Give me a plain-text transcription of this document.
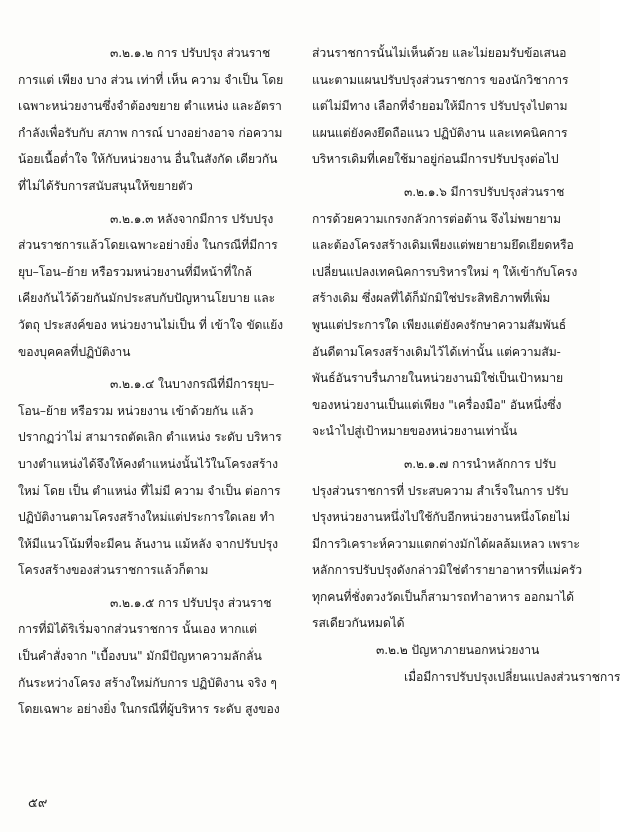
๓.๒.๑.๒ การ ปรับปรุง ส่วนราช
การแต่ เพียง บาง ส่วน เท่าที่ เห็น ความ จำเป็น โดย
เฉพาะหน่วยงานซึ่งจำต้องขยาย ตำแหน่ง และอัตรา
กำลังเพื่อรับกับ สภาพ การณ์ บางอย่างอาจ ก่อความ
น้อยเนื้อต่ำใจ ให้กับหน่วยงาน อื่นในสังกัด เดียวกัน
ที่ไม่ได้รับการสนับสนุนให้ขยายตัว
๓.๒.๑.๓ หลังจากมีการ ปรับปรุง
ส่วนราชการแล้วโดยเฉพาะอย่างยิ่ง ในกรณีที่มีการ
ยุบ–โอน–ย้าย หรือรวมหน่วยงานที่มีหน้าที่ใกล้
เคียงกันไว้ด้วยกันมักประสบกับปัญหานโยบาย และ
วัตถุ ประสงค์ของ หน่วยงานไม่เป็น ที่ เข้าใจ ขัดแย้ง
ของบุคคลที่ปฏิบัติงาน
๓.๒.๑.๔ ในบางกรณีที่มีการยุบ–
โอน–ย้าย หรือรวม หน่วยงาน เข้าด้วยกัน แล้ว
ปรากฏว่าไม่ สามารถตัดเลิก ตำแหน่ง ระดับ บริหาร
บางตำแหน่งได้จึงให้คงตำแหน่งนั้นไว้ในโครงสร้าง
ใหม่ โดย เป็น ตำแหน่ง ที่ไม่มี ความ จำเป็น ต่อการ
ปฏิบัติงานตามโครงสร้างใหม่แต่ประการใดเลย ทำ
ให้มีแนวโน้มที่จะมีคน ล้นงาน แม้หลัง จากปรับปรุง
โครงสร้างของส่วนราชการแล้วก็ตาม
๓.๒.๑.๕ การ ปรับปรุง ส่วนราช
การที่มิได้ริเริ่มจากส่วนราชการ นั้นเอง หากแต่
เป็นคำสั่งจาก "เบื้องบน" มักมีปัญหาความลักลั่น
กันระหว่างโครง สร้างใหม่กับการ ปฏิบัติงาน จริง ๆ
โดยเฉพาะ อย่างยิ่ง ในกรณีที่ผู้บริหาร ระดับ สูงของ
ส่วนราชการนั้นไม่เห็นด้วย และไม่ยอมรับข้อเสนอ
แนะตามแผนปรับปรุงส่วนราชการ ของนักวิชาการ
แต่ไม่มีทาง เลือกที่จำยอมให้มีการ ปรับปรุงไปตาม
แผนแต่ยังคงยึดถือแนว ปฏิบัติงาน และเทคนิคการ
บริหารเดิมที่เคยใช้มาอยู่ก่อนมีการปรับปรุงต่อไป
๓.๒.๑.๖ มีการปรับปรุงส่วนราช
การด้วยความเกรงกลัวการต่อต้าน จึงไม่พยายาม
และต้องโครงสร้างเดิมเพียงแต่พยายามยึดเยียดหรือ
เปลี่ยนแปลงเทคนิคการบริหารใหม่ ๆ ให้เข้ากับโครง
สร้างเดิม ซึ่งผลที่ได้ก็มักมิใช่ประสิทธิภาพที่เพิ่ม
พูนแต่ประการใด เพียงแต่ยังคงรักษาความสัมพันธ์
อันดีตามโครงสร้างเดิมไว้ได้เท่านั้น แต่ความสัม-
พันธ์อันราบรื่นภายในหน่วยงานมิใช่เป็นเป้าหมาย
ของหน่วยงานเป็นแต่เพียง "เครื่องมือ" อันหนึ่งซึ่ง
จะนำไปสู่เป้าหมายของหน่วยงานเท่านั้น
๓.๒.๑.๗ การนำหลักการ ปรับ
ปรุงส่วนราชการที่ ประสบความ สำเร็จในการ ปรับ
ปรุงหน่วยงานหนึ่งไปใช้กับอีกหน่วยงานหนึ่งโดยไม่
มีการวิเคราะห์ความแตกต่างมักได้ผลล้มเหลว เพราะ
หลักการปรับปรุงดังกล่าวมิใช่ตำรายาอาหารที่แม่ครัว
ทุกคนที่ชั่งตวงวัดเป็นก็สามารถทำอาหาร ออกมาได้
รสเดียวกันหมดได้
๓.๒.๒ ปัญหาภายนอกหน่วยงาน
เมื่อมีการปรับปรุงเปลี่ยนแปลงส่วนราชการ
๕๙
